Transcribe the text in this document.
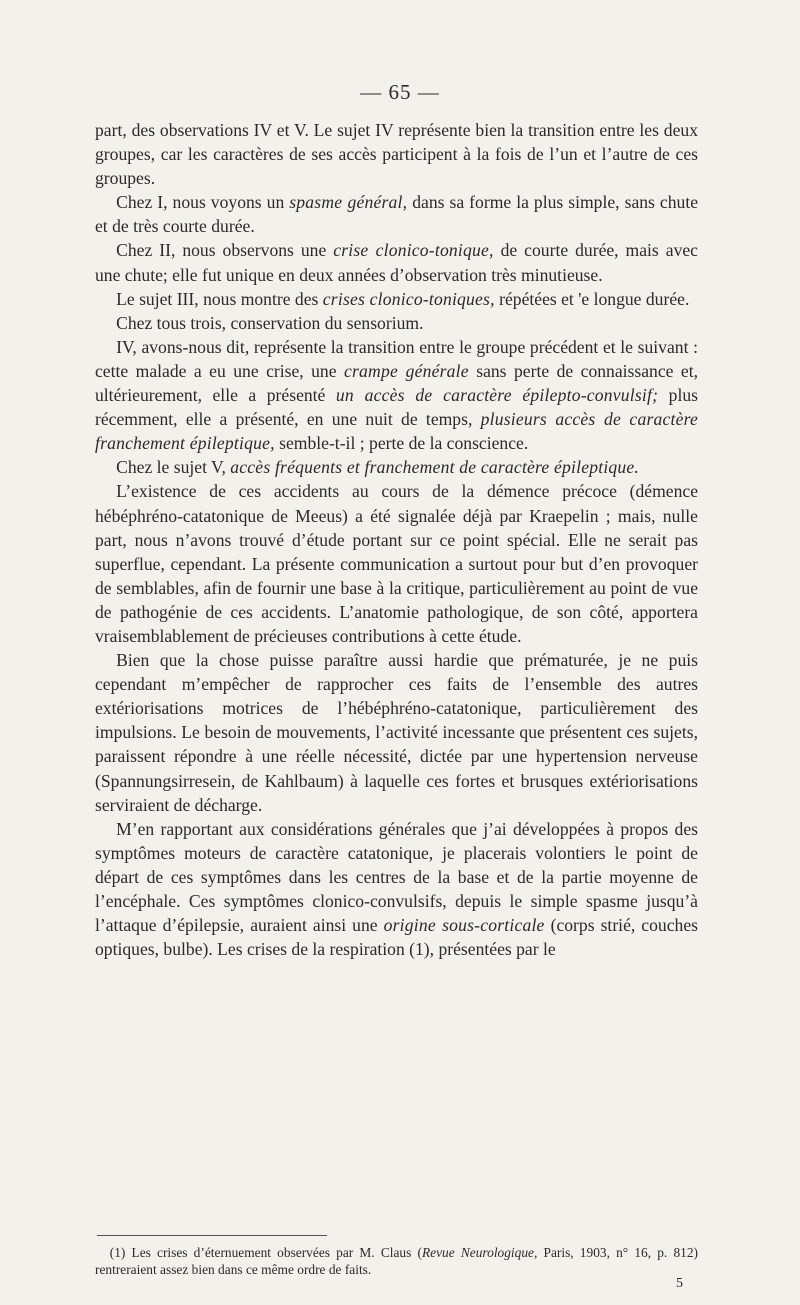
— 65 —

part, des observations IV et V. Le sujet IV représente bien la transition entre les deux groupes, car les caractères de ses accès participent à la fois de l’un et l’autre de ces groupes.

Chez I, nous voyons un spasme général, dans sa forme la plus simple, sans chute et de très courte durée.

Chez II, nous observons une crise clonico-tonique, de courte durée, mais avec une chute; elle fut unique en deux années d’observation très minutieuse.

Le sujet III, nous montre des crises clonico-toniques, répétées et 'e longue durée.

Chez tous trois, conservation du sensorium.

IV, avons-nous dit, représente la transition entre le groupe précédent et le suivant : cette malade a eu une crise, une crampe générale sans perte de connaissance et, ultérieurement, elle a présenté un accès de caractère épilepto-convulsif; plus récemment, elle a présenté, en une nuit de temps, plusieurs accès de caractère franchement épileptique, semble-t-il ; perte de la conscience.

Chez le sujet V, accès fréquents et franchement de caractère épileptique.

L’existence de ces accidents au cours de la démence précoce (démence hébéphréno-catatonique de Meeus) a été signalée déjà par Kraepelin ; mais, nulle part, nous n’avons trouvé d’étude portant sur ce point spécial. Elle ne serait pas superflue, cependant. La présente communication a surtout pour but d’en provoquer de semblables, afin de fournir une base à la critique, particulièrement au point de vue de pathogénie de ces accidents. L’anatomie pathologique, de son côté, apportera vraisemblablement de précieuses contributions à cette étude.

Bien que la chose puisse paraître aussi hardie que prématurée, je ne puis cependant m’empêcher de rapprocher ces faits de l’ensemble des autres extériorisations motrices de l’hébéphréno-catatonique, particulièrement des impulsions. Le besoin de mouvements, l’activité incessante que présentent ces sujets, paraissent répondre à une réelle nécessité, dictée par une hypertension nerveuse (Spannungsirresein, de Kahlbaum) à laquelle ces fortes et brusques extériorisations serviraient de décharge.

M’en rapportant aux considérations générales que j’ai développées à propos des symptômes moteurs de caractère catatonique, je placerais volontiers le point de départ de ces symptômes dans les centres de la base et de la partie moyenne de l’encéphale. Ces symptômes clonico-convulsifs, depuis le simple spasme jusqu’à l’attaque d’épilepsie, auraient ainsi une origine sous-corticale (corps strié, couches optiques, bulbe). Les crises de la respiration (1), présentées par le

(1) Les crises d’éternuement observées par M. Claus (Revue Neurologique, Paris, 1903, n° 16, p. 812) rentreraient assez bien dans ce même ordre de faits.

5
